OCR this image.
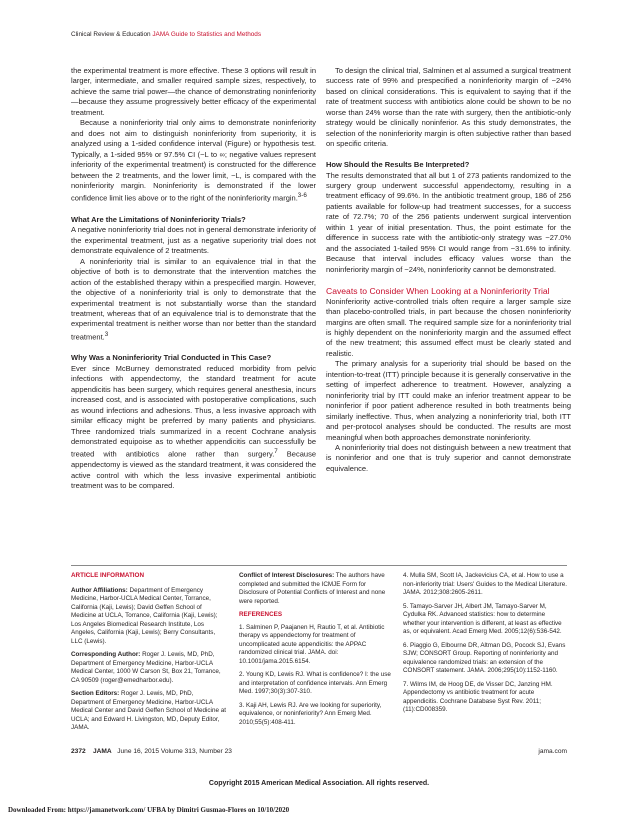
Clinical Review & Education JAMA Guide to Statistics and Methods

the experimental treatment is more effective. These 3 options will result in larger, intermediate, and smaller required sample sizes, respectively, to achieve the same trial power—the chance of demonstrating noninferiority—because they assume progressively better efficacy of the experimental treatment.

Because a noninferiority trial only aims to demonstrate noninferiority and does not aim to distinguish noninferiority from superiority, it is analyzed using a 1-sided confidence interval (Figure) or hypothesis test. Typically, a 1-sided 95% or 97.5% CI (−L to ∞; negative values represent inferiority of the experimental treatment) is constructed for the difference between the 2 treatments, and the lower limit, −L, is compared with the noninferiority margin. Noninferiority is demonstrated if the lower confidence limit lies above or to the right of the noninferiority margin.$^{3-6}$

What Are the Limitations of Noninferiority Trials?

A negative noninferiority trial does not in general demonstrate inferiority of the experimental treatment, just as a negative superiority trial does not demonstrate equivalence of 2 treatments.

A noninferiority trial is similar to an equivalence trial in that the objective of both is to demonstrate that the intervention matches the action of the established therapy within a prespecified margin. However, the objective of a noninferiority trial is only to demonstrate that the experimental treatment is not substantially worse than the standard treatment, whereas that of an equivalence trial is to demonstrate that the experimental treatment is neither worse than nor better than the standard treatment.$^3$

Why Was a Noninferiority Trial Conducted in This Case?

Ever since McBurney demonstrated reduced morbidity from pelvic infections with appendectomy, the standard treatment for acute appendicitis has been surgery, which requires general anesthesia, incurs increased cost, and is associated with postoperative complications, such as wound infections and adhesions. Thus, a less invasive approach with similar efficacy might be preferred by many patients and physicians. Three randomized trials summarized in a recent Cochrane analysis demonstrated equipoise as to whether appendicitis can successfully be treated with antibiotics alone rather than surgery.$^7$ Because appendectomy is viewed as the standard treatment, it was considered the active control with which the less invasive experimental antibiotic treatment was to be compared.

To design the clinical trial, Salminen et al assumed a surgical treatment success rate of 99% and prespecified a noninferiority margin of −24% based on clinical considerations. This is equivalent to saying that if the rate of treatment success with antibiotics alone could be shown to be no worse than 24% worse than the rate with surgery, then the antibiotic-only strategy would be clinically noninferior. As this study demonstrates, the selection of the noninferiority margin is often subjective rather than based on specific criteria.

How Should the Results Be Interpreted?

The results demonstrated that all but 1 of 273 patients randomized to the surgery group underwent successful appendectomy, resulting in a treatment efficacy of 99.6%. In the antibiotic treatment group, 186 of 256 patients available for follow-up had treatment successes, for a success rate of 72.7%; 70 of the 256 patients underwent surgical intervention within 1 year of initial presentation. Thus, the point estimate for the difference in success rate with the antibiotic-only strategy was −27.0% and the associated 1-tailed 95% CI would range from −31.6% to infinity. Because that interval includes efficacy values worse than the noninferiority margin of −24%, noninferiority cannot be demonstrated.

Caveats to Consider When Looking at a Noninferiority Trial

Noninferiority active-controlled trials often require a larger sample size than placebo-controlled trials, in part because the chosen noninferiority margins are often small. The required sample size for a noninferiority trial is highly dependent on the noninferiority margin and the assumed effect of the new treatment; this assumed effect must be clearly stated and realistic.

The primary analysis for a superiority trial should be based on the intention-to-treat (ITT) principle because it is generally conservative in the setting of imperfect adherence to treatment. However, analyzing a noninferiority trial by ITT could make an inferior treatment appear to be noninferior if poor patient adherence resulted in both treatments being similarly ineffective. Thus, when analyzing a noninferiority trial, both ITT and per-protocol analyses should be conducted. The results are most meaningful when both approaches demonstrate noninferiority.

A noninferiority trial does not distinguish between a new treatment that is noninferior and one that is truly superior and cannot demonstrate equivalence.

ARTICLE INFORMATION

Author Affiliations: Department of Emergency Medicine, Harbor-UCLA Medical Center, Torrance, California (Kaji, Lewis); David Geffen School of Medicine at UCLA, Torrance, California (Kaji, Lewis); Los Angeles Biomedical Research Institute, Los Angeles, California (Kaji, Lewis); Berry Consultants, LLC (Lewis).

Corresponding Author: Roger J. Lewis, MD, PhD, Department of Emergency Medicine, Harbor-UCLA Medical Center, 1000 W Carson St, Box 21, Torrance, CA 90509 (roger@emedharbor.edu).

Section Editors: Roger J. Lewis, MD, PhD, Department of Emergency Medicine, Harbor-UCLA Medical Center and David Geffen School of Medicine at UCLA; and Edward H. Livingston, MD, Deputy Editor, JAMA.

Conflict of Interest Disclosures: The authors have completed and submitted the ICMJE Form for Disclosure of Potential Conflicts of Interest and none were reported.

REFERENCES

1. Salminen P, Paajanen H, Rautio T, et al. Antibiotic therapy vs appendectomy for treatment of uncomplicated acute appendicitis: the APPAC randomized clinical trial. JAMA. doi: 10.1001/jama.2015.6154.

2. Young KD, Lewis RJ. What is confidence? I: the use and interpretation of confidence intervals. Ann Emerg Med. 1997;30(3):307-310.

3. Kaji AH, Lewis RJ. Are we looking for superiority, equivalence, or noninferiority? Ann Emerg Med. 2010;55(5):408-411.

4. Mulla SM, Scott IA, Jackevicius CA, et al. How to use a non-inferiority trial: Users' Guides to the Medical Literature. JAMA. 2012;308:2605-2611.

5. Tamayo-Sarver JH, Albert JM, Tamayo-Sarver M, Cydulka RK. Advanced statistics: how to determine whether your intervention is different, at least as effective as, or equivalent. Acad Emerg Med. 2005;12(6):536-542.

6. Piaggio G, Elbourne DR, Altman DG, Pocock SJ, Evans SJW; CONSORT Group. Reporting of noninferiority and equivalence randomized trials: an extension of the CONSORT statement. JAMA. 2006;295(10):1152-1160.

7. Wilms IM, de Hoog DE, de Visser DC, Janzing HM. Appendectomy vs antibiotic treatment for acute appendicitis. Cochrane Database Syst Rev. 2011;(11):CD008359.

2372 JAMA June 16, 2015 Volume 313, Number 23	jama.com
Copyright 2015 American Medical Association. All rights reserved.
Downloaded From: https://jamanetwork.com/ UFBA by Dimitri Gusmao-Flores on 10/10/2020
